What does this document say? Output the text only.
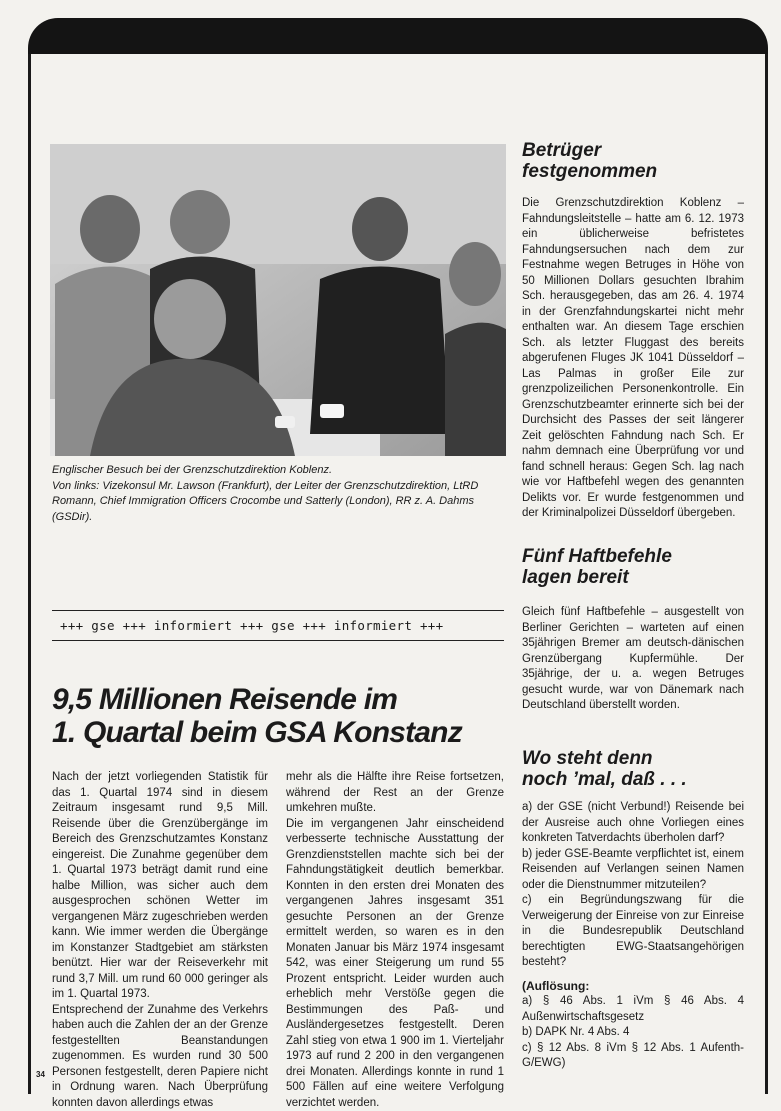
Englischer Besuch bei der Grenzschutzdirektion Koblenz.
Von links: Vizekonsul Mr. Lawson (Frankfurt), der Leiter der Grenzschutzdirektion, LtRD Romann, Chief Immigration Officers Crocombe und Satterly (London), RR z. A. Dahms (GSDir).
+++ gse +++ informiert +++ gse +++ informiert +++
9,5 Millionen Reisende im
1. Quartal beim GSA Konstanz

Nach der jetzt vorliegenden Statistik für das 1. Quartal 1974 sind in diesem Zeitraum insgesamt rund 9,5 Mill. Reisende über die Grenzübergänge im Bereich des Grenzschutzamtes Konstanz eingereist. Die Zunahme gegenüber dem 1. Quartal 1973 beträgt damit rund eine halbe Million, was sicher auch dem ausgesprochen schönen Wetter im vergangenen März zugeschrieben werden kann. Wie immer werden die Übergänge im Konstanzer Stadtgebiet am stärksten benützt. Hier war der Reiseverkehr mit rund 3,7 Mill. um rund 60 000 geringer als im 1. Quartal 1973.

Entsprechend der Zunahme des Verkehrs haben auch die Zahlen der an der Grenze festgestellten Beanstandungen zugenommen. Es wurden rund 30 500 Personen festgestellt, deren Papiere nicht in Ordnung waren. Nach Überprüfung konnten davon allerdings etwas

mehr als die Hälfte ihre Reise fortsetzen, während der Rest an der Grenze umkehren mußte.

Die im vergangenen Jahr einscheidend verbesserte technische Ausstattung der Grenzdienststellen machte sich bei der Fahndungstätigkeit deutlich bemerkbar. Konnten in den ersten drei Monaten des vergangenen Jahres insgesamt 351 gesuchte Personen an der Grenze ermittelt werden, so waren es in den Monaten Januar bis März 1974 insgesamt 542, was einer Steigerung um rund 55 Prozent entspricht. Leider wurden auch erheblich mehr Verstöße gegen die Bestimmungen des Paß- und Ausländergesetzes festgestellt. Deren Zahl stieg von etwa 1 900 im 1. Vierteljahr 1973 auf rund 2 200 in den vergangenen drei Monaten. Allerdings konnte in rund 1 500 Fällen auf eine weitere Verfolgung verzichtet werden.

34
Betrüger
festgenommen

Die Grenzschutzdirektion Koblenz – Fahndungsleitstelle – hatte am 6. 12. 1973 ein üblicherweise befristetes Fahndungsersuchen nach dem zur Festnahme wegen Betruges in Höhe von 50 Millionen Dollars gesuchten Ibrahim Sch. herausgegeben, das am 26. 4. 1974 in der Grenzfahndungskartei nicht mehr enthalten war. An diesem Tage erschien Sch. als letzter Fluggast des bereits abgerufenen Fluges JK 1041 Düsseldorf – Las Palmas in großer Eile zur grenzpolizeilichen Personenkontrolle. Ein Grenzschutzbeamter erinnerte sich bei der Durchsicht des Passes der seit längerer Zeit gelöschten Fahndung nach Sch. Er nahm demnach eine Überprüfung vor und fand schnell heraus: Gegen Sch. lag nach wie vor Haftbefehl wegen des genannten Delikts vor. Er wurde festgenommen und der Kriminalpolizei Düsseldorf übergeben.

Fünf Haftbefehle
lagen bereit

Gleich fünf Haftbefehle – ausgestellt von Berliner Gerichten – warteten auf einen 35jährigen Bremer am deutsch-dänischen Grenzübergang Kupfermühle. Der 35jährige, der u. a. wegen Betruges gesucht wurde, war von Dänemark nach Deutschland überstellt worden.

Wo steht denn
noch ’mal, daß . . .

a) der GSE (nicht Verbund!) Reisende bei der Ausreise auch ohne Vorliegen eines konkreten Tatverdachts überholen darf?

b) jeder GSE-Beamte verpflichtet ist, einem Reisenden auf Verlangen seinen Namen oder die Dienstnummer mitzuteilen?

c) ein Begründungszwang für die Verweigerung der Einreise von zur Einreise in die Bundesrepublik Deutschland berechtigten EWG-Staatsangehörigen besteht?

(Auflösung:

a) § 46 Abs. 1 iVm § 46 Abs. 4 Außenwirtschaftsgesetz

b) DAPK Nr. 4 Abs. 4

c) § 12 Abs. 8 iVm § 12 Abs. 1 Aufenth-G/EWG)
